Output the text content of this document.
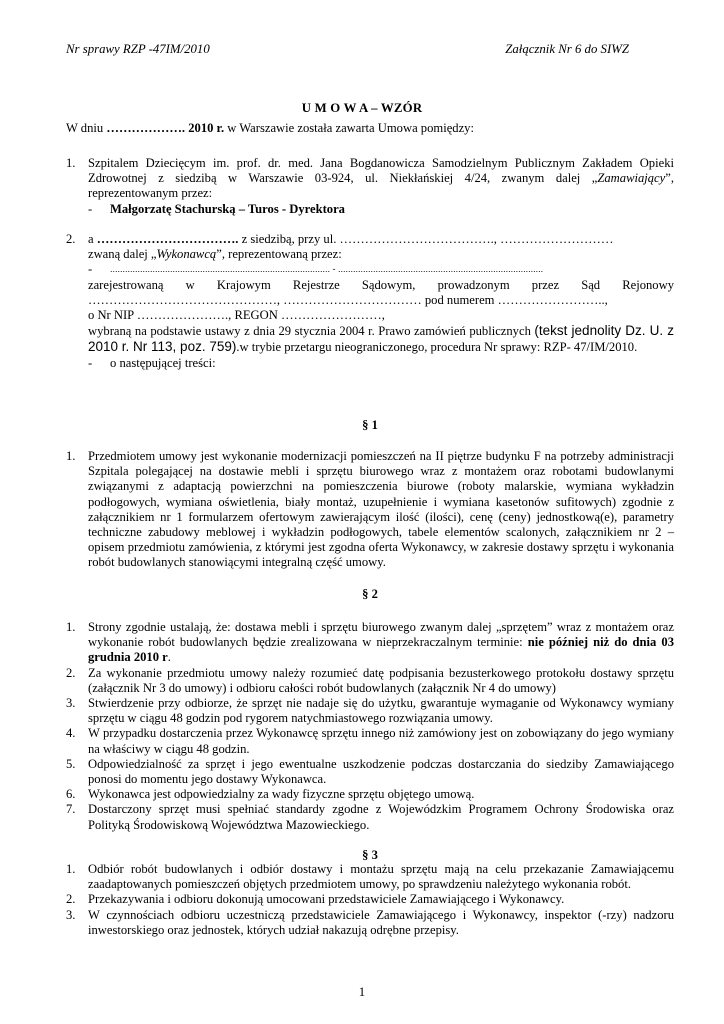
Nr sprawy RZP -47IM/2010	Załącznik Nr 6 do SIWZ
U M O W A – WZÓR
W dniu ………………. 2010 r. w Warszawie została zawarta Umowa pomiędzy:
1. Szpitalem Dziecięcym im. prof. dr. med. Jana Bogdanowicza Samodzielnym Publicznym Zakładem Opieki Zdrowotnej z siedzibą w Warszawie 03-924, ul. Niekłańskiej 4/24, zwanym dalej „Zamawiający”, reprezentowanym przez:
-	Małgorzatę Stachurską – Turos - Dyrektora
2. a ……………………………. z siedzibą, przy ul. ………………………………., ………………………
zwaną dalej „Wykonawcą”, reprezentowaną przez:
-	........................................................................................ - ..................................................................................
zarejestrowaną w Krajowym Rejestrze Sądowym, prowadzonym przez Sąd Rejonowy ………………………………………, …………………………… pod numerem ……………………..,
o Nr NIP …………………., REGON ……………………,
wybraną na podstawie ustawy z dnia 29 stycznia 2004 r. Prawo zamówień publicznych (tekst jednolity Dz. U. z 2010 r. Nr 113, poz. 759).w trybie przetargu nieograniczonego, procedura Nr sprawy: RZP- 47/IM/2010.
-	o następującej treści:
§ 1
1. Przedmiotem umowy jest wykonanie modernizacji pomieszczeń na II piętrze budynku F na potrzeby administracji Szpitala polegającej na dostawie mebli i sprzętu biurowego wraz z montażem oraz robotami budowlanymi związanymi z adaptacją powierzchni na pomieszczenia biurowe (roboty malarskie, wymiana wykładzin podłogowych, wymiana oświetlenia, biały montaż, uzupełnienie i wymiana kasetonów sufitowych) zgodnie z załącznikiem nr 1 formularzem ofertowym zawierającym ilość (ilości), cenę (ceny) jednostkową(e), parametry techniczne zabudowy meblowej i wykładzin podłogowych, tabele elementów scalonych, załącznikiem nr 2 – opisem przedmiotu zamówienia, z którymi jest zgodna oferta Wykonawcy, w zakresie dostawy sprzętu i wykonania robót budowlanych stanowiącymi integralną część umowy.
§ 2
1. Strony zgodnie ustalają, że: dostawa mebli i sprzętu biurowego zwanym dalej „sprzętem” wraz z montażem oraz wykonanie robót budowlanych będzie zrealizowana w nieprzekraczalnym terminie: nie później niż do dnia 03 grudnia 2010 r.
2. Za wykonanie przedmiotu umowy należy rozumieć datę podpisania bezusterkowego protokołu dostawy sprzętu (załącznik Nr 3 do umowy) i odbioru całości robót budowlanych (załącznik Nr 4 do umowy)
3. Stwierdzenie przy odbiorze, że sprzęt nie nadaje się do użytku, gwarantuje wymaganie od Wykonawcy wymiany sprzętu w ciągu 48 godzin pod rygorem natychmiastowego rozwiązania umowy.
4. W przypadku dostarczenia przez Wykonawcę sprzętu innego niż zamówiony jest on zobowiązany do jego wymiany na właściwy w ciągu 48 godzin.
5. Odpowiedzialność za sprzęt i jego ewentualne uszkodzenie podczas dostarczania do siedziby Zamawiającego ponosi do momentu jego dostawy Wykonawca.
6. Wykonawca jest odpowiedzialny za wady fizyczne sprzętu objętego umową.
7. Dostarczony sprzęt musi spełniać standardy zgodne z Wojewódzkim Programem Ochrony Środowiska oraz Polityką Środowiskową Województwa Mazowieckiego.
§ 3
1. Odbiór robót budowlanych i odbiór dostawy i montażu sprzętu mają na celu przekazanie Zamawiającemu zaadaptowanych pomieszczeń objętych przedmiotem umowy, po sprawdzeniu należytego wykonania robót.
2. Przekazywania i odbioru dokonują umocowani przedstawiciele Zamawiającego i Wykonawcy.
3. W czynnościach odbioru uczestniczą przedstawiciele Zamawiającego i Wykonawcy, inspektor (-rzy) nadzoru inwestorskiego oraz jednostek, których udział nakazują odrębne przepisy.
1
